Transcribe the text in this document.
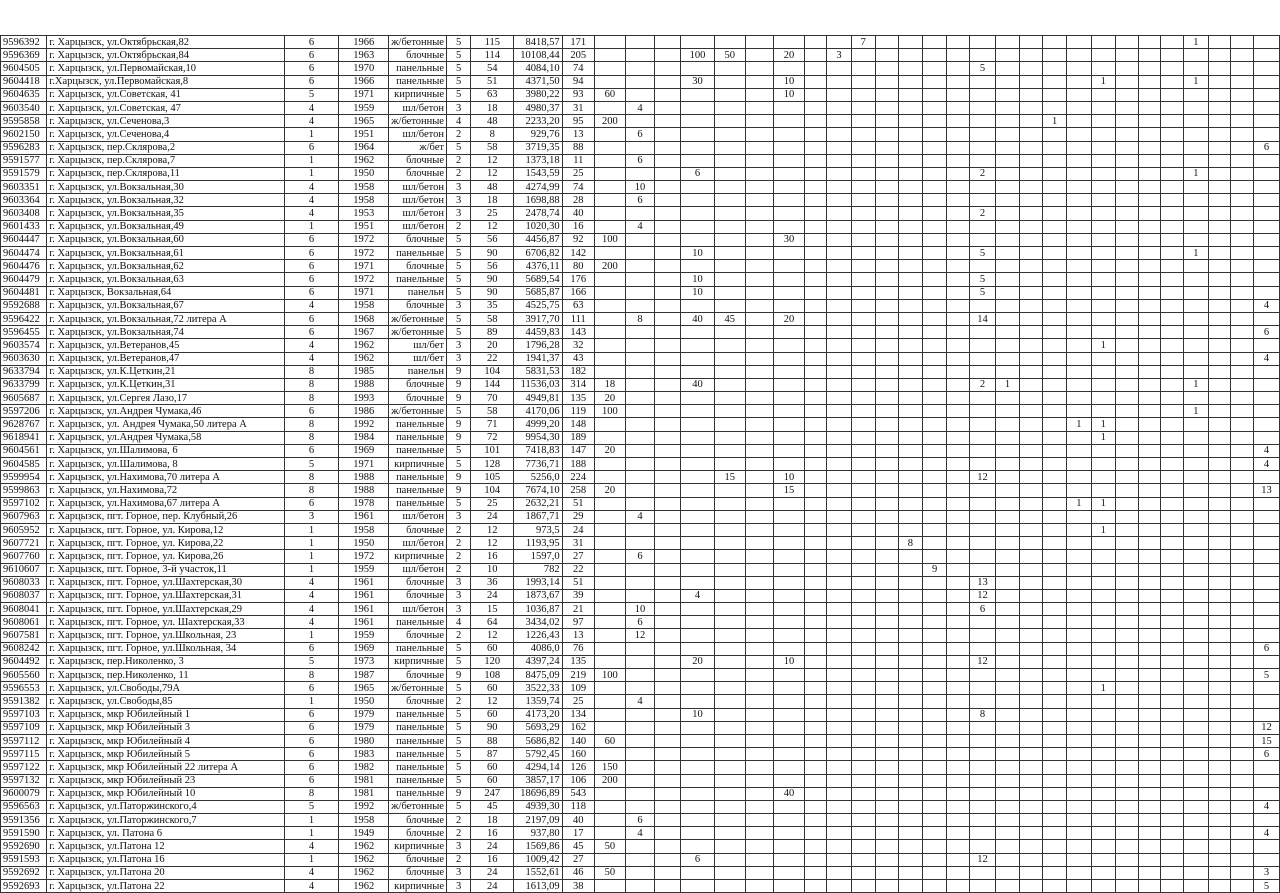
9596392	г. Харцызск, ул.Октябрьская,82	6	1966	ж/бетонные	5	115	8418,57	171										7														1			
9596369	г. Харцызск, ул.Октябрьская,84	6	1963	блочные	5	114	10108,44	205				100	50		20		3																		
9604505	г. Харцызск, ул.Первомайская,10	6	1970	панельные	5	54	4084,10	74															5												
9604418	г.Харцызск, ул.Первомайская,8	6	1966	панельные	5	51	4371,50	94				30			10													1				1			
9604635	г. Харцызск, ул.Советская, 41	5	1971	кирпичные	5	63	3980,22	93	60						10																				
9603540	г. Харцызск, ул.Советская, 47	4	1959	шл/бетон	3	18	4980,37	31		4																									
9595858	г. Харцызск, ул.Сеченова,3	4	1965	ж/бетонные	4	48	2233,20	95	200																	1									
9602150	г. Харцызск, ул.Сеченова,4	1	1951	шл/бетон	2	8	929,76	13		6																									
9596283	г. Харцызск, пер.Склярова,2	6	1964	ж/бет	5	58	3719,35	88																											6
9591577	г. Харцызск, пер.Склярова,7	1	1962	блочные	2	12	1373,18	11		6																									
9591579	г. Харцызск, пер.Склярова,11	1	1950	блочные	2	12	1543,59	25				6											2									1			
9603351	г. Харцызск, ул.Вокзальная,30	4	1958	шл/бетон	3	48	4274,99	74		10																									
9603364	г. Харцызск, ул.Вокзальная,32	4	1958	шл/бетон	3	18	1698,88	28		6																									
9603408	г. Харцызск, ул.Вокзальная,35	4	1953	шл/бетон	3	25	2478,74	40															2												
9601433	г. Харцызск, ул.Вокзальная,49	1	1951	шл/бетон	2	12	1020,30	16		4																									
9604447	г. Харцызск, ул.Вокзальная,60	6	1972	блочные	5	56	4456,87	92	100						30																				
9604474	г. Харцызск, ул.Вокзальная,61	6	1972	панельные	5	90	6706,82	142				10											5									1			
9604476	г. Харцызск, ул.Вокзальная,62	6	1971	блочные	5	56	4376,11	80	200																										
9604479	г. Харцызск, ул.Вокзальная,63	6	1972	панельные	5	90	5689,54	176				10											5												
9604481	г. Харцызск, Вокзальная,64	6	1971	панельн	5	90	5685,87	166				10											5												
9592688	г. Харцызск, ул.Вокзальная,67	4	1958	блочные	3	35	4525,75	63																											4
9596422	г. Харцызск, ул.Вокзальная,72 литера А	6	1968	ж/бетонные	5	58	3917,70	111		8		40	45		20								14												
9596455	г. Харцызск, ул.Вокзальная,74	6	1967	ж/бетонные	5	89	4459,83	143																											6
9603574	г. Харцызск, ул.Ветеранов,45	4	1962	шл/бет	3	20	1796,28	32																				1							
9603630	г. Харцызск, ул.Ветеранов,47	4	1962	шл/бет	3	22	1941,37	43																											4
9633794	г. Харцызск, ул.К.Цеткин,21	8	1985	панельн	9	104	5831,53	182																											
9633799	г. Харцызск, ул.К.Цеткин,31	8	1988	блочные	9	144	11536,03	314	18			40											2	1								1			
9605687	г. Харцызск, ул.Сергея Лазо,17	8	1993	блочные	9	70	4949,81	135	20																										
9597206	г. Харцызск, ул.Андрея Чумака,46	6	1986	ж/бетонные	5	58	4170,06	119	100																							1			
9628767	г. Харцызск, ул. Андрея Чумака,50 литера А	8	1992	панельные	9	71	4999,20	148																			1	1							
9618941	г. Харцызск, ул.Андрея Чумака,58	8	1984	панельные	9	72	9954,30	189																				1							
9604561	г. Харцызск, ул.Шалимова, 6	6	1969	панельные	5	101	7418,83	147	20																										4
9604585	г. Харцызск, ул.Шалимова, 8	5	1971	кирпичные	5	128	7736,71	188																											4
9599954	г. Харцызск, ул.Нахимова,70 литера А	8	1988	панельные	9	105	5256,0	224					15		10								12												
9599863	г. Харцызск, ул.Нахимова,72	8	1988	панельные	9	104	7674,10	258	20						15																				13
9597102	г. Харцызск, ул.Нахимова,67 литера А	6	1978	панельные	5	25	2632,21	51																			1	1							
9607963	г. Харцызск, пгт. Горное, пер. Клубный,26	3	1961	шл/бетон	3	24	1867,71	29		4																									
9605952	г. Харцызск, пгт. Горное, ул. Кирова,12	1	1958	блочные	2	12	973,5	24																				1							
9607721	г. Харцызск, пгт. Горное, ул. Кирова,22	1	1950	шл/бетон	2	12	1193,95	31												8															
9607760	г. Харцызск, пгт. Горное, ул. Кирова,26	1	1972	кирпичные	2	16	1597,0	27		6																									
9610607	г. Харцызск, пгт. Горное, 3-й участок,11	1	1959	шл/бетон	2	10	782	22													9														
9608033	г. Харцызск, пгт. Горное, ул.Шахтерская,30	4	1961	блочные	3	36	1993,14	51															13												
9608037	г. Харцызск, пгт. Горное, ул.Шахтерская,31	4	1961	блочные	3	24	1873,67	39				4											12												
9608041	г. Харцызск, пгт. Горное, ул.Шахтерская,29	4	1961	шл/бетон	3	15	1036,87	21		10													6												
9608061	г. Харцызск, пгт. Горное, ул. Шахтерская,33	4	1961	панельные	4	64	3434,02	97		6																									
9607581	г. Харцызск, пгт. Горное, ул.Школьная, 23	1	1959	блочные	2	12	1226,43	13		12																									
9608242	г. Харцызск, пгт. Горное, ул.Школьная, 34	6	1969	панельные	5	60	4086,0	76																											6
9604492	г. Харцызск, пер.Николенко, 3	5	1973	кирпичные	5	120	4397,24	135				20			10								12												
9605560	г. Харцызск, пер.Николенко, 11	8	1987	блочные	9	108	8475,09	219	100																										5
9596553	г. Харцызск, ул.Свободы,79А	6	1965	ж/бетонные	5	60	3522,33	109																				1							
9591382	г. Харцызск, ул.Свободы,85	1	1950	блочные	2	12	1359,74	25		4																									
9597103	г. Харцызск, мкр Юбилейный 1	6	1979	панельные	5	60	4173,20	134				10											8												
9597109	г. Харцызск, мкр Юбилейный 3	6	1979	панельные	5	90	5693,29	162																											12
9597112	г. Харцызск, мкр Юбилейный 4	6	1980	панельные	5	88	5686,82	140	60																										15
9597115	г. Харцызск, мкр Юбилейный 5	6	1983	панельные	5	87	5792,45	160																											6
9597122	г. Харцызск, мкр Юбилейный 22 литера А	6	1982	панельные	5	60	4294,14	126	150																										
9597132	г. Харцызск, мкр Юбилейный 23	6	1981	панельные	5	60	3857,17	106	200																										
9600079	г. Харцызск, мкр Юбилейный 10	8	1981	панельные	9	247	18696,89	543							40																				
9596563	г. Харцызск, ул.Паторжинского,4	5	1992	ж/бетонные	5	45	4939,30	118																											4
9591356	г. Харцызск, ул.Паторжинского,7	1	1958	блочные	2	18	2197,09	40		6																									
9591590	г. Харцызск, ул. Патона 6	1	1949	блочные	2	16	937,80	17		4																									4
9592690	г. Харцызск, ул.Патона 12	4	1962	кирпичные	3	24	1569,86	45	50																										
9591593	г. Харцызск, ул.Патона 16	1	1962	блочные	2	16	1009,42	27				6											12												
9592692	г. Харцызск, ул.Патона 20	4	1962	блочные	3	24	1552,61	46	50																										3
9592693	г. Харцызск, ул.Патона 22	4	1962	кирпичные	3	24	1613,09	38																											5
